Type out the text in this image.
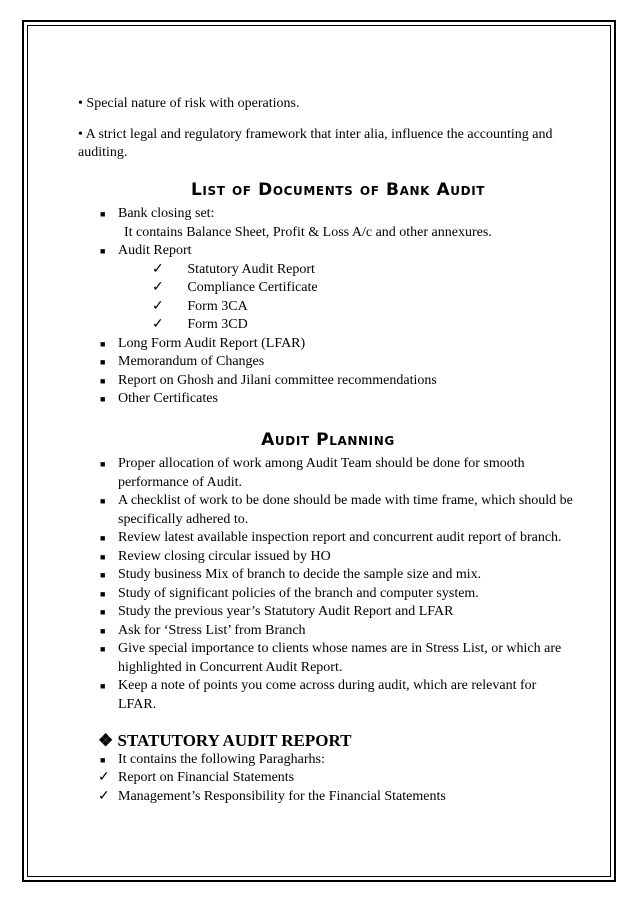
• Special nature of risk with operations.

• A strict legal and regulatory framework that inter alia, influence the accounting and auditing.

List of Documents of Bank Audit
■ Bank closing set:
It contains Balance Sheet, Profit & Loss A/c and other annexures.
■ Audit Report
✓ Statutory Audit Report
✓ Compliance Certificate
✓ Form 3CA
✓ Form 3CD
■ Long Form Audit Report (LFAR)
■ Memorandum of Changes
■ Report on Ghosh and Jilani committee recommendations
■ Other Certificates
Audit Planning
■ Proper allocation of work among Audit Team should be done for smooth performance of Audit.
■ A checklist of work to be done should be made with time frame, which should be specifically adhered to.
■ Review latest available inspection report and concurrent audit report of branch.
■ Review closing circular issued by HO
■ Study business Mix of branch to decide the sample size and mix.
■ Study of significant policies of the branch and computer system.
■ Study the previous year’s Statutory Audit Report and LFAR
■ Ask for ‘Stress List’ from Branch
■ Give special importance to clients whose names are in Stress List, or which are highlighted in Concurrent Audit Report.
■ Keep a note of points you come across during audit, which are relevant for LFAR.
❖ STATUTORY AUDIT REPORT
■ It contains the following Paragharhs:
✓ Report on Financial Statements
✓ Management’s Responsibility for the Financial Statements
